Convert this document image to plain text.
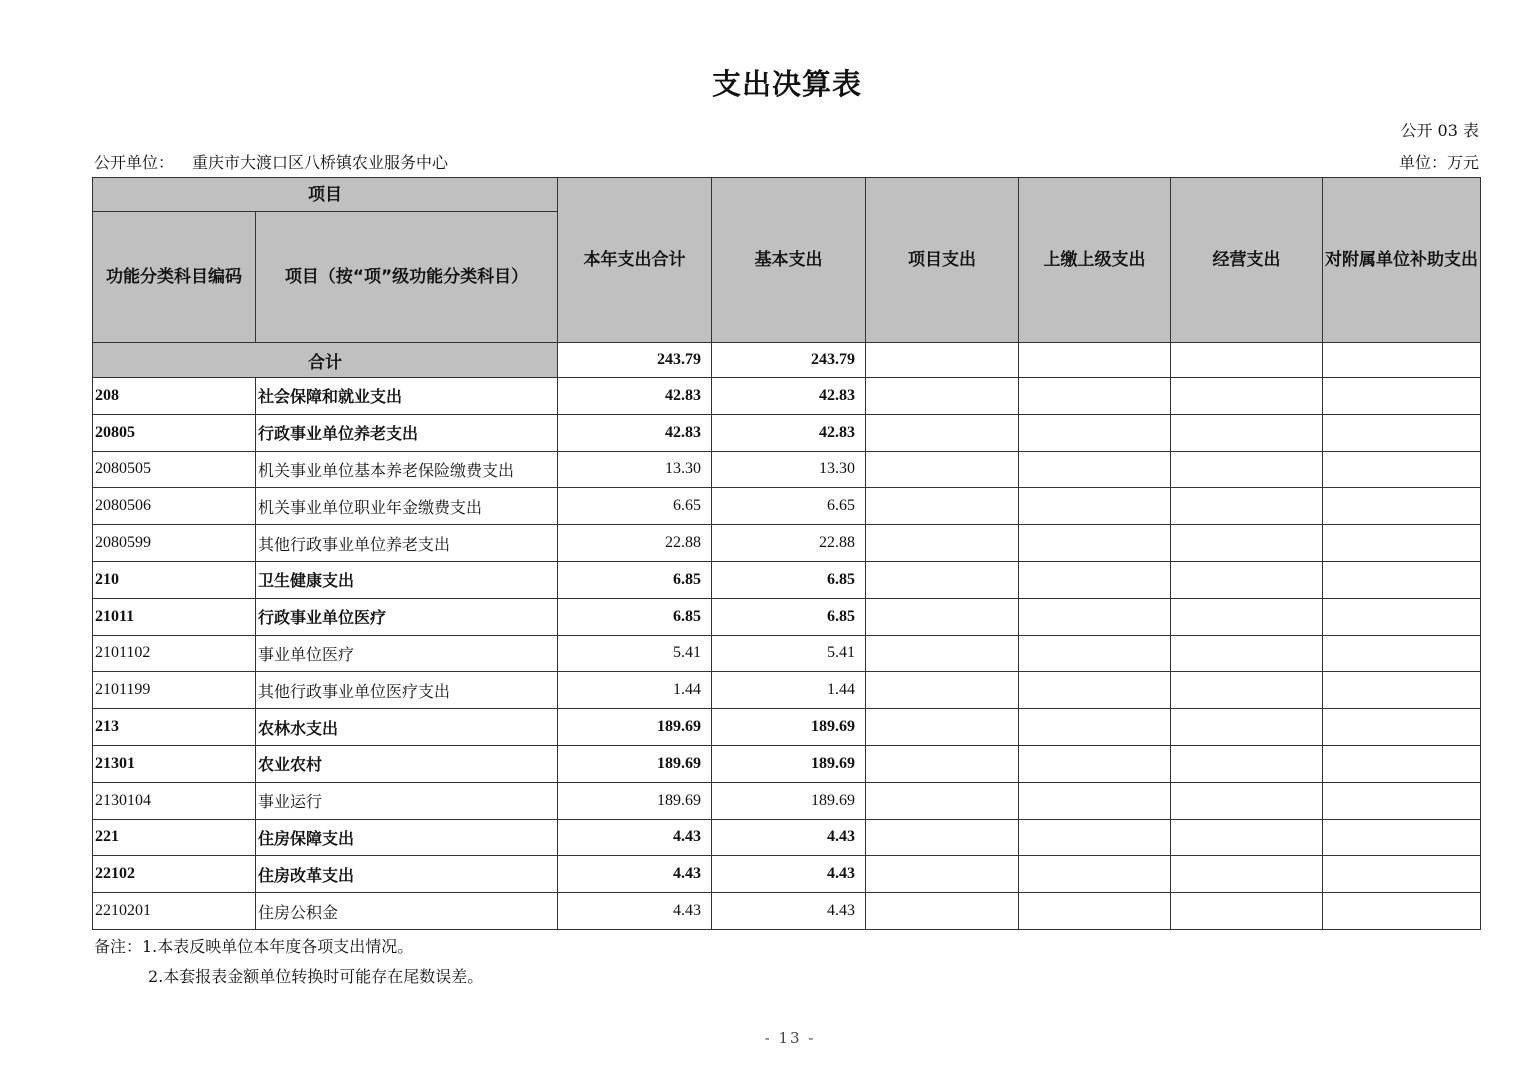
支出决算表
公开 03 表
公开单位： 重庆市大渡口区八桥镇农业服务中心	单位：万元
项目		本年支出合计	基本支出	项目支出	上缴上级支出	经营支出	对附属单位补助支出
功能分类科目编码	项目（按“项”级功能分类科目）						
合计		243.79	243.79				
208	社会保障和就业支出	42.83	42.83				
20805	行政事业单位养老支出	42.83	42.83				
2080505	机关事业单位基本养老保险缴费支出	13.30	13.30				
2080506	机关事业单位职业年金缴费支出	6.65	6.65				
2080599	其他行政事业单位养老支出	22.88	22.88				
210	卫生健康支出	6.85	6.85				
21011	行政事业单位医疗	6.85	6.85				
2101102	事业单位医疗	5.41	5.41				
2101199	其他行政事业单位医疗支出	1.44	1.44				
213	农林水支出	189.69	189.69				
21301	农业农村	189.69	189.69				
2130104	事业运行	189.69	189.69				
221	住房保障支出	4.43	4.43				
22102	住房改革支出	4.43	4.43				
2210201	住房公积金	4.43	4.43				
备注：1.本表反映单位本年度各项支出情况。
2.本套报表金额单位转换时可能存在尾数误差。
- 13 -
